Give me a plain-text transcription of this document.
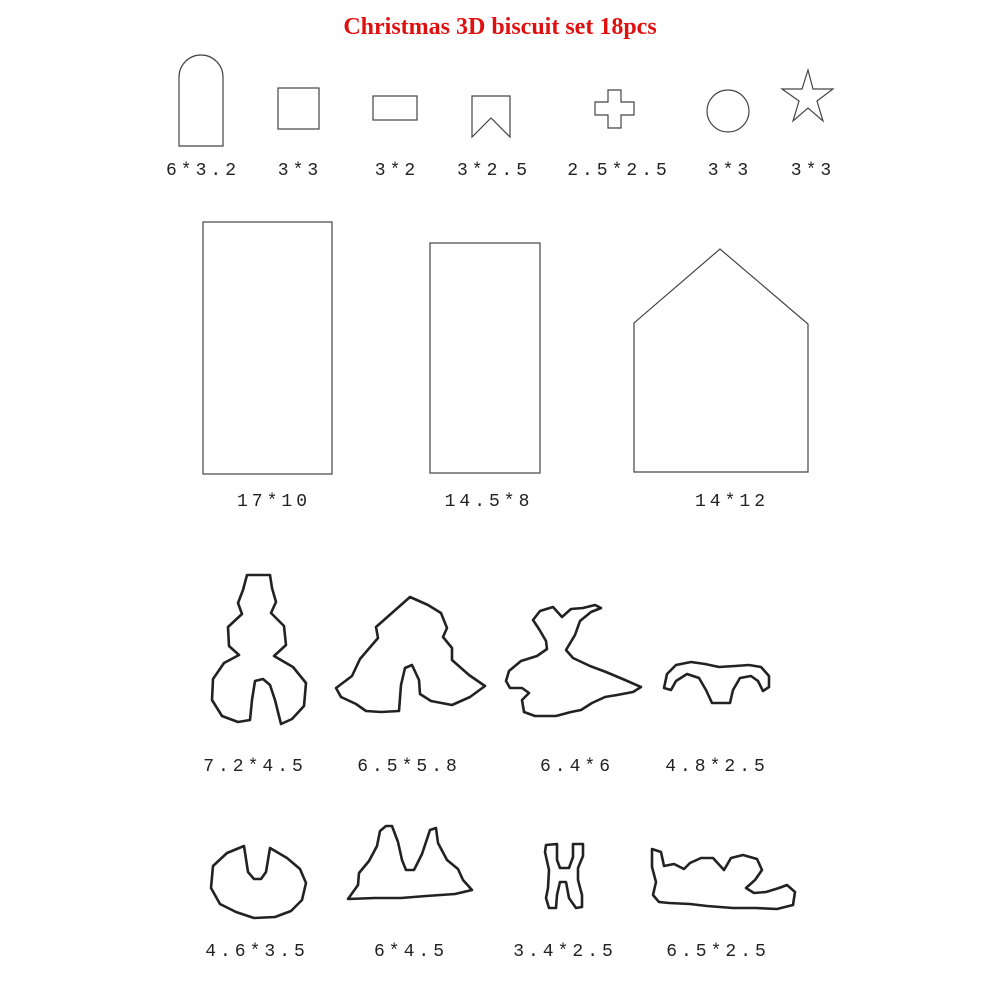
Christmas 3D biscuit set 18pcs
6*3.2 3*3	3*2 3*2.5 2.5*2.5 3*3 3*3
17*10	14.5*8	14*12
7.2*4.5	6.5*5.8	6.4*6	4.8*2.5
4.6*3.5	6*4.5	3.4*2.5	6.5*2.5
